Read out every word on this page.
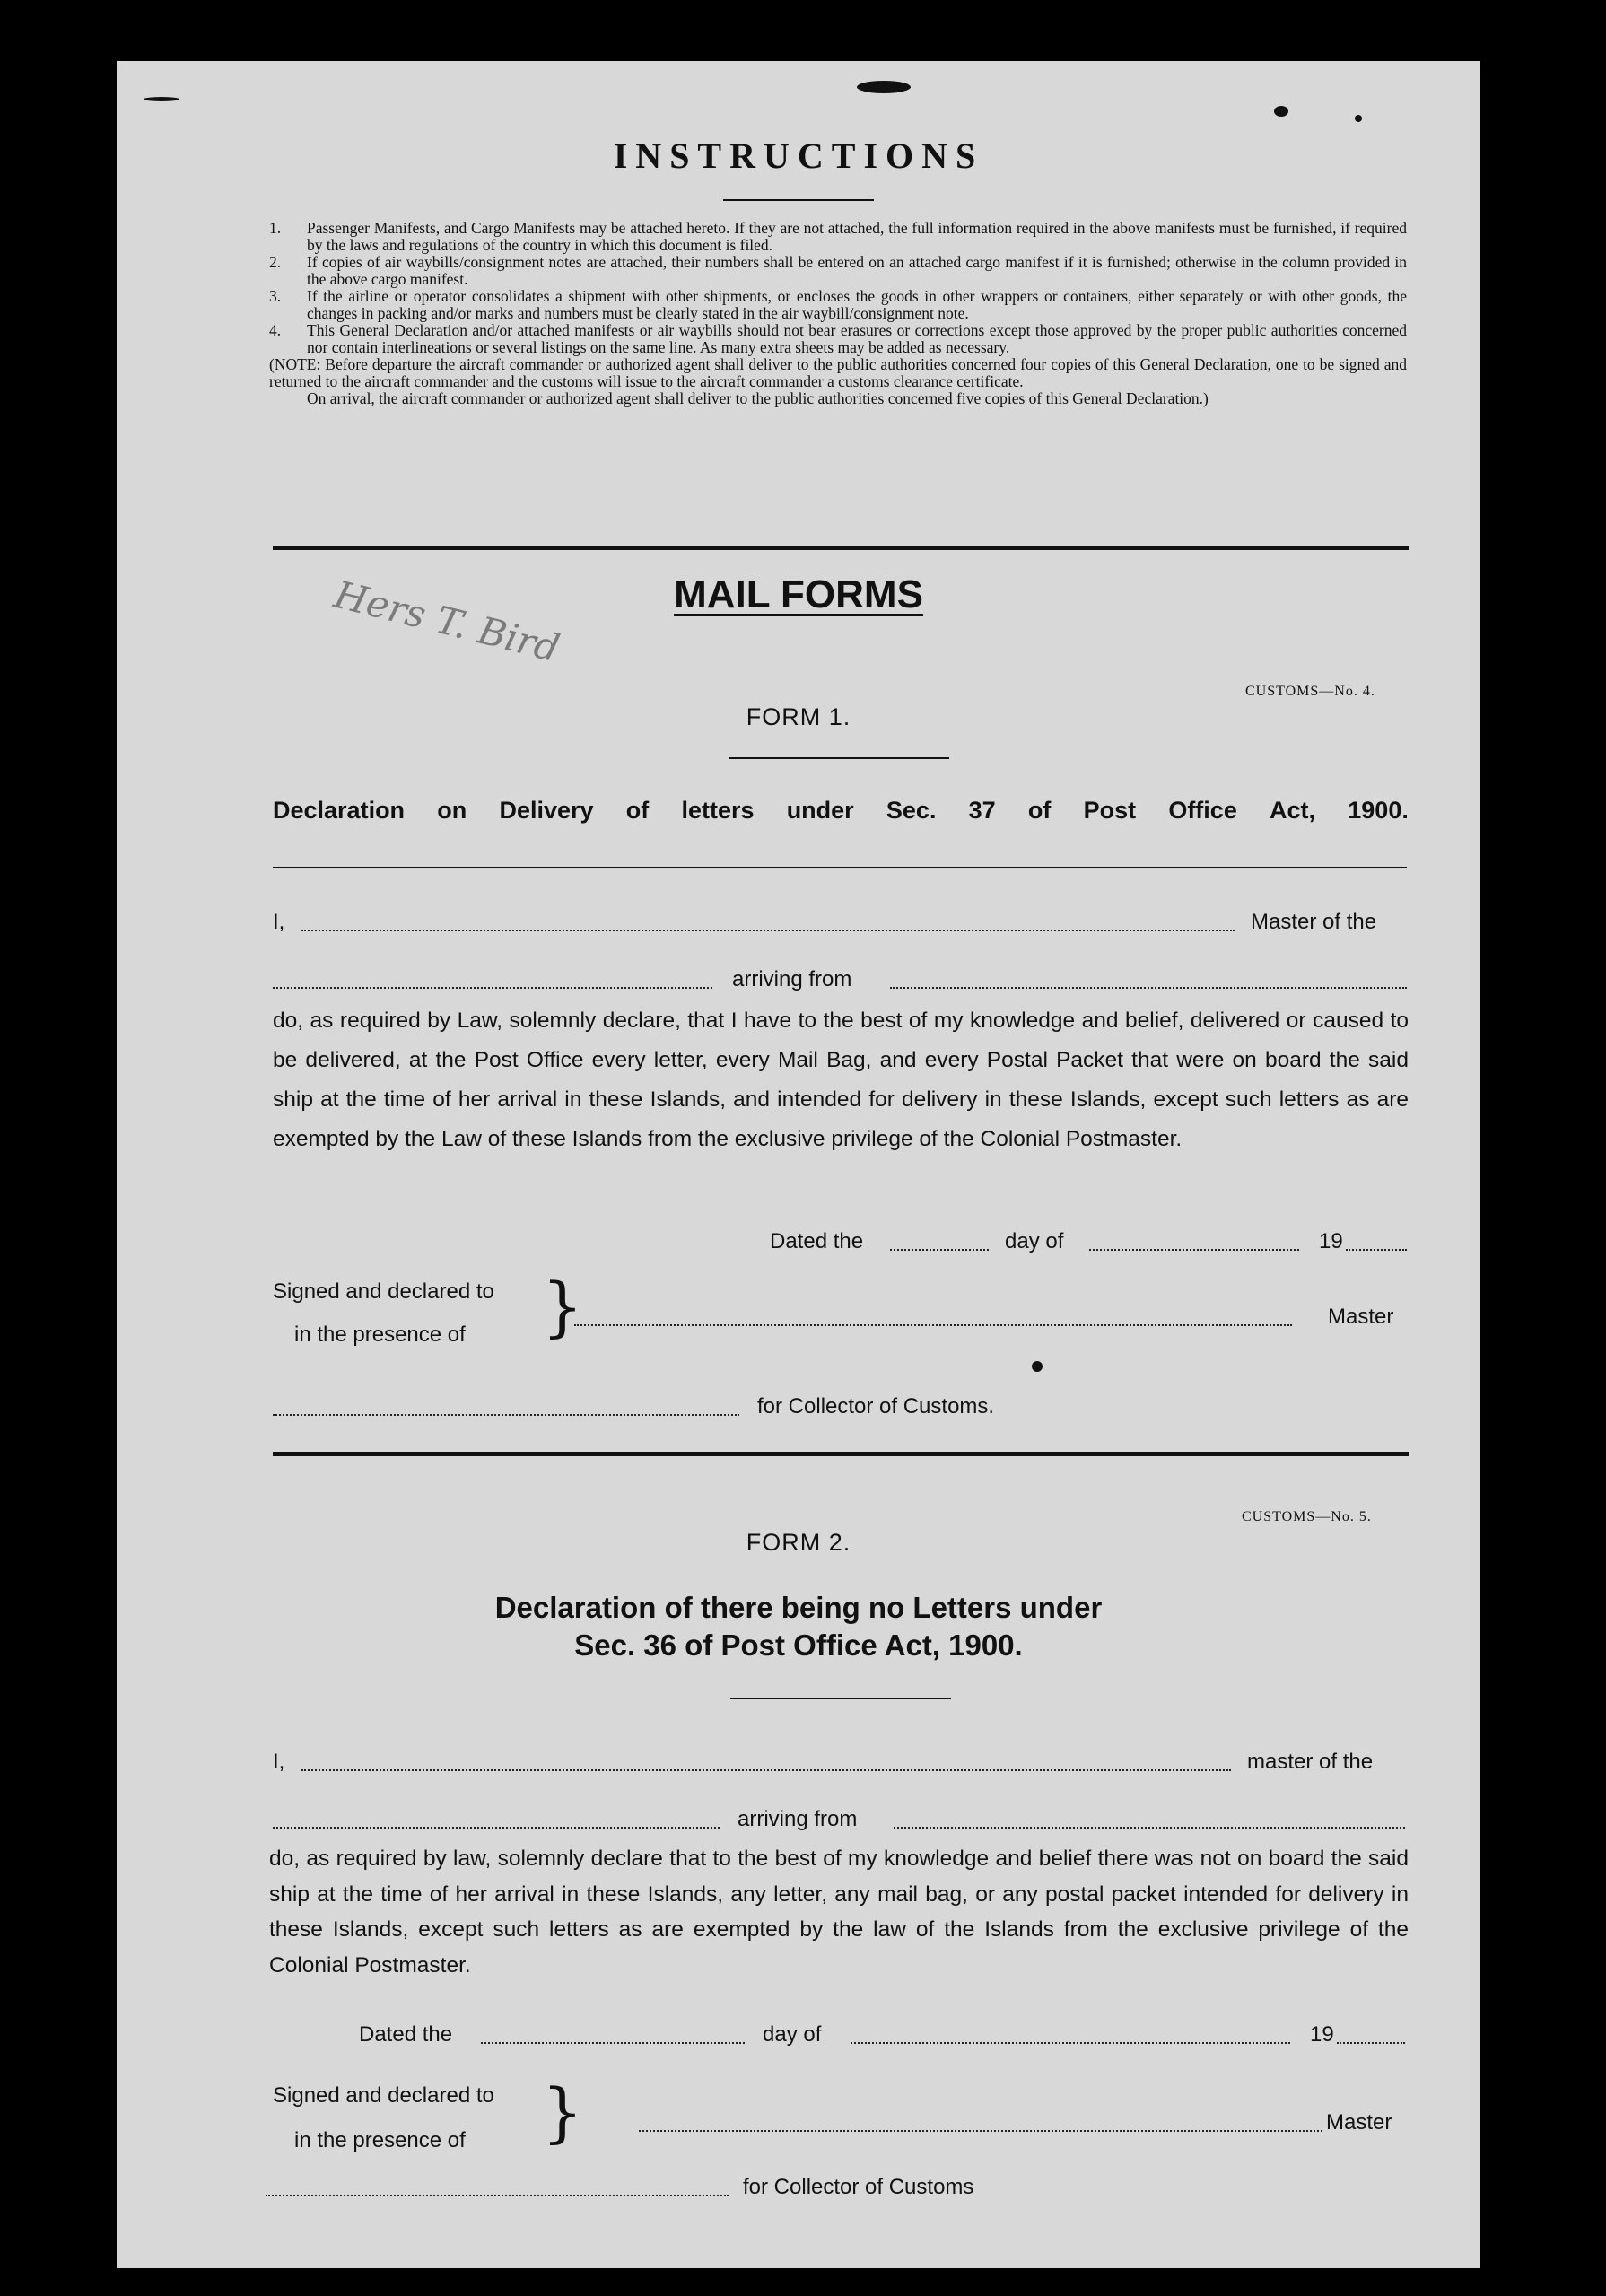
INSTRUCTIONS
1. Passenger Manifests, and Cargo Manifests may be attached hereto. If they are not attached, the full information required in the above manifests must be furnished, if required by the laws and regulations of the country in which this document is filed.
2. If copies of air waybills/consignment notes are attached, their numbers shall be entered on an attached cargo manifest if it is furnished; otherwise in the column provided in the above cargo manifest.
3. If the airline or operator consolidates a shipment with other shipments, or encloses the goods in other wrappers or containers, either separately or with other goods, the changes in packing and/or marks and numbers must be clearly stated in the air waybill/consignment note.
4. This General Declaration and/or attached manifests or air waybills should not bear erasures or corrections except those approved by the proper public authorities concerned nor contain interlineations or several listings on the same line. As many extra sheets may be added as necessary.
(NOTE: Before departure the aircraft commander or authorized agent shall deliver to the public authorities concerned four copies of this General Declaration, one to be signed and returned to the aircraft commander and the customs will issue to the aircraft commander a customs clearance certificate.
On arrival, the aircraft commander or authorized agent shall deliver to the public authorities concerned five copies of this General Declaration.)
MAIL FORMS
Hers T. Bird
CUSTOMS—No. 4.
FORM 1.
Declaration on Delivery of letters under Sec. 37 of Post Office Act, 1900.
I,	Master of the
arriving from
do, as required by Law, solemnly declare, that I have to the best of my knowledge and belief, delivered or caused to be delivered, at the Post Office every letter, every Mail Bag, and every Postal Packet that were on board the said ship at the time of her arrival in these Islands, and intended for delivery in these Islands, except such letters as are exempted by the Law of these Islands from the exclusive privilege of the Colonial Postmaster.
Dated the	day of	19
Signed and declared to
in the presence of }	Master
for Collector of Customs.
CUSTOMS—No. 5.
FORM 2.
Declaration of there being no Letters under
Sec. 36 of Post Office Act, 1900.
I,	master of the
arriving from
do, as required by law, solemnly declare that to the best of my knowledge and belief there was not on board the said ship at the time of her arrival in these Islands, any letter, any mail bag, or any postal packet intended for delivery in these Islands, except such letters as are exempted by the law of the Islands from the exclusive privilege of the Colonial Postmaster.
Dated the	day of	19
Signed and declared to
in the presence of }	Master
for Collector of Customs
